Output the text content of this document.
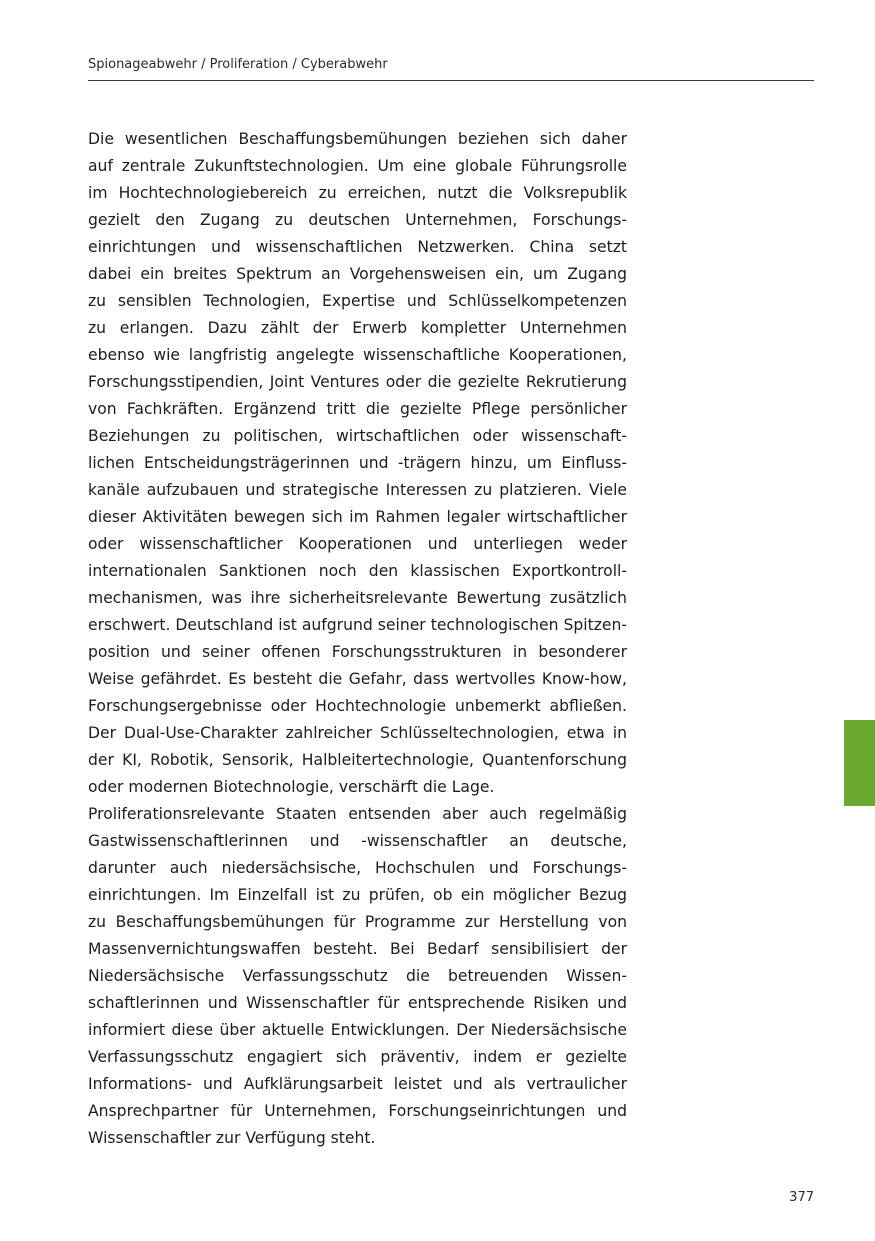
Spionageabwehr / Proliferation / Cyberabwehr

Die wesentlichen Beschaffungsbemühungen beziehen sich daher
auf zentrale Zukunftstechnologien. Um eine globale Führungsrolle
im Hochtechnologiebereich zu erreichen, nutzt die Volksrepublik
gezielt den Zugang zu deutschen Unternehmen, Forschungs-
einrichtungen und wissenschaftlichen Netzwerken. China setzt
dabei ein breites Spektrum an Vorgehensweisen ein, um Zugang
zu sensiblen Technologien, Expertise und Schlüsselkompetenzen
zu erlangen. Dazu zählt der Erwerb kompletter Unternehmen
ebenso wie langfristig angelegte wissenschaftliche Kooperationen,
Forschungsstipendien, Joint Ventures oder die gezielte Rekrutierung
von Fachkräften. Ergänzend tritt die gezielte Pflege persönlicher
Beziehungen zu politischen, wirtschaftlichen oder wissenschaft-
lichen Entscheidungsträgerinnen und -trägern hinzu, um Einfluss-
kanäle aufzubauen und strategische Interessen zu platzieren. Viele
dieser Aktivitäten bewegen sich im Rahmen legaler wirtschaftlicher
oder wissenschaftlicher Kooperationen und unterliegen weder
internationalen Sanktionen noch den klassischen Exportkontroll-
mechanismen, was ihre sicherheitsrelevante Bewertung zusätzlich
erschwert. Deutschland ist aufgrund seiner technologischen Spitzen-
position und seiner offenen Forschungsstrukturen in besonderer
Weise gefährdet. Es besteht die Gefahr, dass wertvolles Know-how,
Forschungsergebnisse oder Hochtechnologie unbemerkt abfließen.
Der Dual-Use-Charakter zahlreicher Schlüsseltechnologien, etwa in
der KI, Robotik, Sensorik, Halbleitertechnologie, Quantenforschung
oder modernen Biotechnologie, verschärft die Lage.

Proliferationsrelevante Staaten entsenden aber auch regelmäßig
Gastwissenschaftlerinnen und -wissenschaftler an deutsche,
darunter auch niedersächsische, Hochschulen und Forschungs-
einrichtungen. Im Einzelfall ist zu prüfen, ob ein möglicher Bezug
zu Beschaffungsbemühungen für Programme zur Herstellung von
Massenvernichtungswaffen besteht. Bei Bedarf sensibilisiert der
Niedersächsische Verfassungsschutz die betreuenden Wissen-
schaftlerinnen und Wissenschaftler für entsprechende Risiken und
informiert diese über aktuelle Entwicklungen. Der Niedersächsische
Verfassungsschutz engagiert sich präventiv, indem er gezielte
Informations- und Aufklärungsarbeit leistet und als vertraulicher
Ansprechpartner für Unternehmen, Forschungseinrichtungen und
Wissenschaftler zur Verfügung steht.

377
